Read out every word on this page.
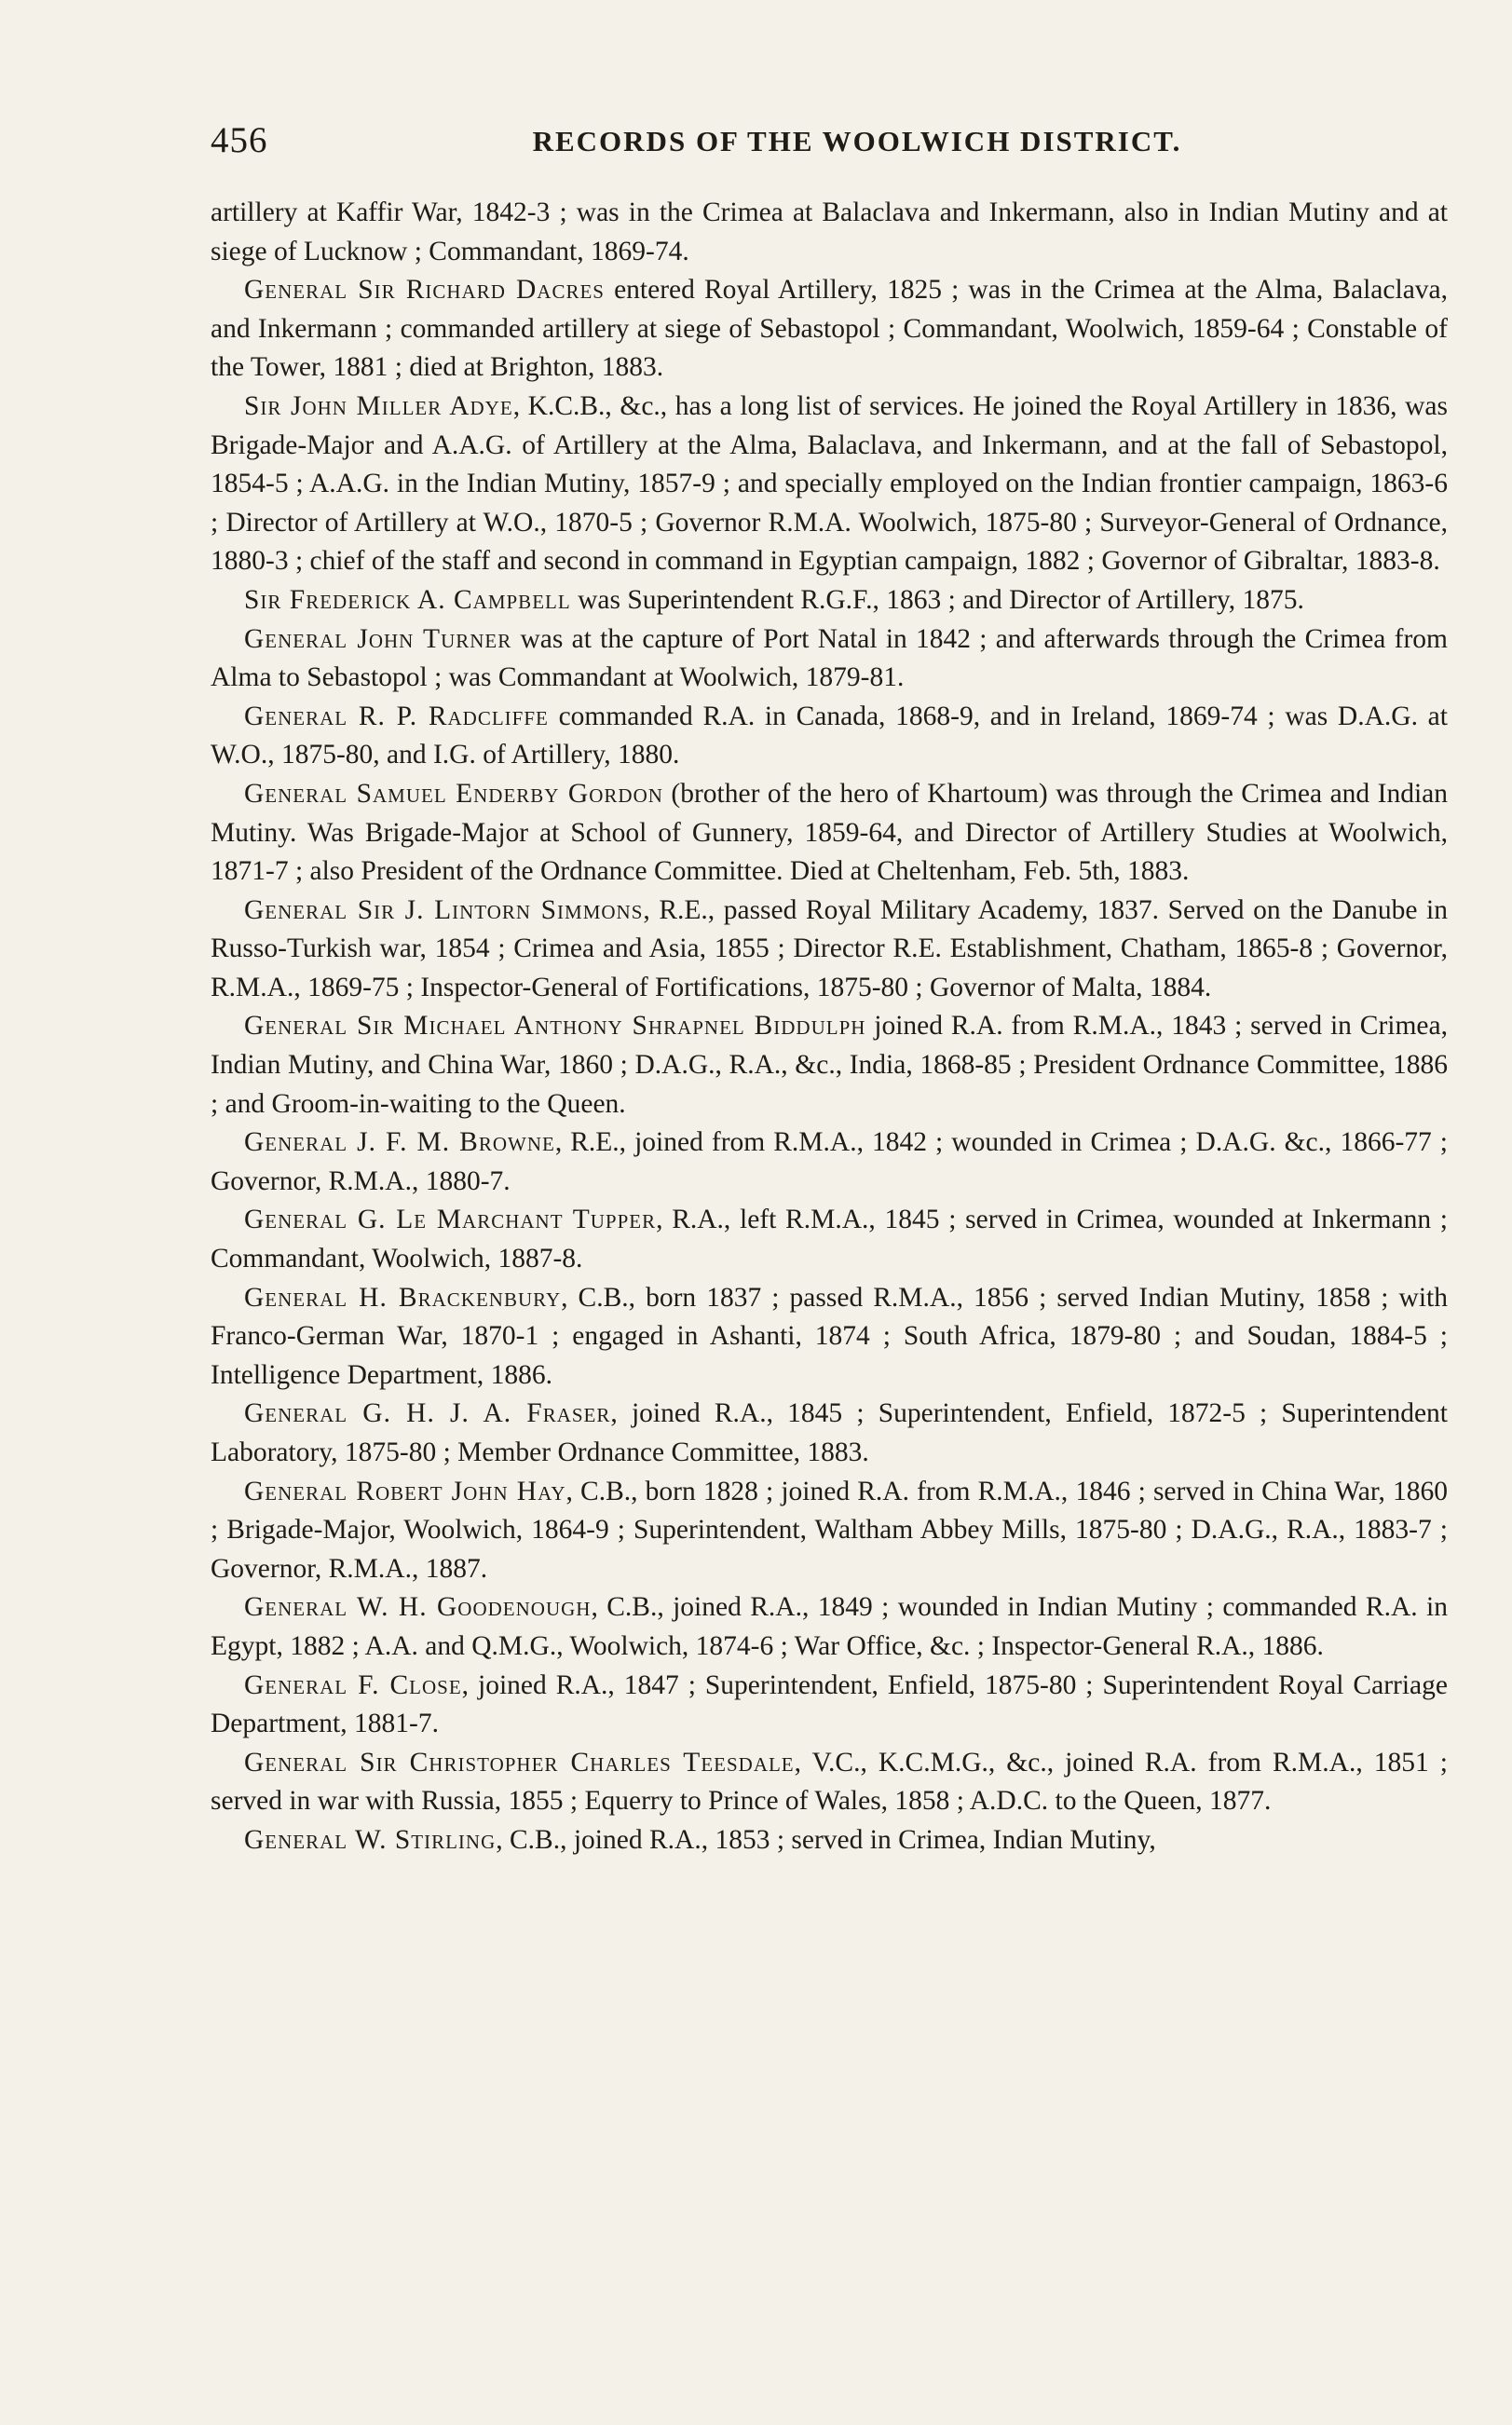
456	RECORDS OF THE WOOLWICH DISTRICT.

artillery at Kaffir War, 1842-3 ; was in the Crimea at Balaclava and Inkermann, also in Indian Mutiny and at siege of Lucknow ; Commandant, 1869-74.

General Sir Richard Dacres entered Royal Artillery, 1825 ; was in the Crimea at the Alma, Balaclava, and Inkermann ; commanded artillery at siege of Sebastopol ; Commandant, Woolwich, 1859-64 ; Constable of the Tower, 1881 ; died at Brighton, 1883.

Sir John Miller Adye, K.C.B., &c., has a long list of services. He joined the Royal Artillery in 1836, was Brigade-Major and A.A.G. of Artillery at the Alma, Balaclava, and Inkermann, and at the fall of Sebastopol, 1854-5 ; A.A.G. in the Indian Mutiny, 1857-9 ; and specially employed on the Indian frontier campaign, 1863-6 ; Director of Artillery at W.O., 1870-5 ; Governor R.M.A. Woolwich, 1875-80 ; Surveyor-General of Ordnance, 1880-3 ; chief of the staff and second in command in Egyptian campaign, 1882 ; Governor of Gibraltar, 1883-8.

Sir Frederick A. Campbell was Superintendent R.G.F., 1863 ; and Director of Artillery, 1875.

General John Turner was at the capture of Port Natal in 1842 ; and afterwards through the Crimea from Alma to Sebastopol ; was Commandant at Woolwich, 1879-81.

General R. P. Radcliffe commanded R.A. in Canada, 1868-9, and in Ireland, 1869-74 ; was D.A.G. at W.O., 1875-80, and I.G. of Artillery, 1880.

General Samuel Enderby Gordon (brother of the hero of Khartoum) was through the Crimea and Indian Mutiny. Was Brigade-Major at School of Gunnery, 1859-64, and Director of Artillery Studies at Woolwich, 1871-7 ; also President of the Ordnance Committee. Died at Cheltenham, Feb. 5th, 1883.

General Sir J. Lintorn Simmons, R.E., passed Royal Military Academy, 1837. Served on the Danube in Russo-Turkish war, 1854 ; Crimea and Asia, 1855 ; Director R.E. Establishment, Chatham, 1865-8 ; Governor, R.M.A., 1869-75 ; Inspector-General of Fortifications, 1875-80 ; Governor of Malta, 1884.

General Sir Michael Anthony Shrapnel Biddulph joined R.A. from R.M.A., 1843 ; served in Crimea, Indian Mutiny, and China War, 1860 ; D.A.G., R.A., &c., India, 1868-85 ; President Ordnance Committee, 1886 ; and Groom-in-waiting to the Queen.

General J. F. M. Browne, R.E., joined from R.M.A., 1842 ; wounded in Crimea ; D.A.G. &c., 1866-77 ; Governor, R.M.A., 1880-7.

General G. Le Marchant Tupper, R.A., left R.M.A., 1845 ; served in Crimea, wounded at Inkermann ; Commandant, Woolwich, 1887-8.

General H. Brackenbury, C.B., born 1837 ; passed R.M.A., 1856 ; served Indian Mutiny, 1858 ; with Franco-German War, 1870-1 ; engaged in Ashanti, 1874 ; South Africa, 1879-80 ; and Soudan, 1884-5 ; Intelligence Department, 1886.

General G. H. J. A. Fraser, joined R.A., 1845 ; Superintendent, Enfield, 1872-5 ; Superintendent Laboratory, 1875-80 ; Member Ordnance Committee, 1883.

General Robert John Hay, C.B., born 1828 ; joined R.A. from R.M.A., 1846 ; served in China War, 1860 ; Brigade-Major, Woolwich, 1864-9 ; Superintendent, Waltham Abbey Mills, 1875-80 ; D.A.G., R.A., 1883-7 ; Governor, R.M.A., 1887.

General W. H. Goodenough, C.B., joined R.A., 1849 ; wounded in Indian Mutiny ; commanded R.A. in Egypt, 1882 ; A.A. and Q.M.G., Woolwich, 1874-6 ; War Office, &c. ; Inspector-General R.A., 1886.

General F. Close, joined R.A., 1847 ; Superintendent, Enfield, 1875-80 ; Superintendent Royal Carriage Department, 1881-7.

General Sir Christopher Charles Teesdale, V.C., K.C.M.G., &c., joined R.A. from R.M.A., 1851 ; served in war with Russia, 1855 ; Equerry to Prince of Wales, 1858 ; A.D.C. to the Queen, 1877.

General W. Stirling, C.B., joined R.A., 1853 ; served in Crimea, Indian Mutiny,
